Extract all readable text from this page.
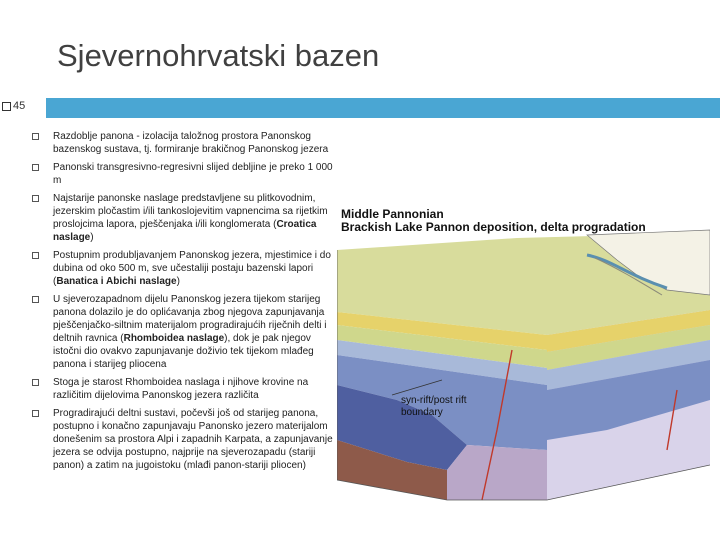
Sjevernohrvatski bazen
45
Razdoblje panona - izolacija taložnog prostora Panonskog bazenskog sustava, tj. formiranje brakičnog Panonskog jezera
Panonski transgresivno-regresivni slijed debljine je preko 1 000 m
Najstarije panonske naslage predstavljene su plitkovodnim, jezerskim pločastim i/ili tankoslojevitim vapnencima sa rijetkim proslojcima lapora, pješčenjaka i/ili konglomerata (Croatica naslage)
Postupnim produbljavanjem Panonskog jezera, mjestimice i do dubina od oko 500 m, sve učestaliji postaju bazenski lapori (Banatica i Abichi naslage)
U sjeverozapadnom dijelu Panonskog jezera tijekom starijeg panona dolazilo je do oplićavanja zbog njegova zapunjavanja pješčenjačko-siltnim materijalom progradirajućih riječnih delti i deltnih ravnica (Rhomboidea naslage), dok je pak njegov istočni dio ovakvo zapunjavanje doživio tek tijekom mlađeg panona i starijeg pliocena
Stoga je starost Rhomboidea naslaga i njihove krovine na različitim dijelovima Panonskog jezera različita
Progradirajući deltni sustavi, počevši još od starijeg panona, postupno i konačno zapunjavaju Panonsko jezero materijalom donešenim sa prostora Alpi i zapadnih Karpata, a zapunjavanje jezera se odvija postupno, najprije na sjeverozapadu (stariji panon) a zatim na jugoistoku (mlađi panon-stariji pliocen)
Middle Pannonian
Brackish Lake Pannon deposition, delta progradation
syn-rift/post rift
boundary
